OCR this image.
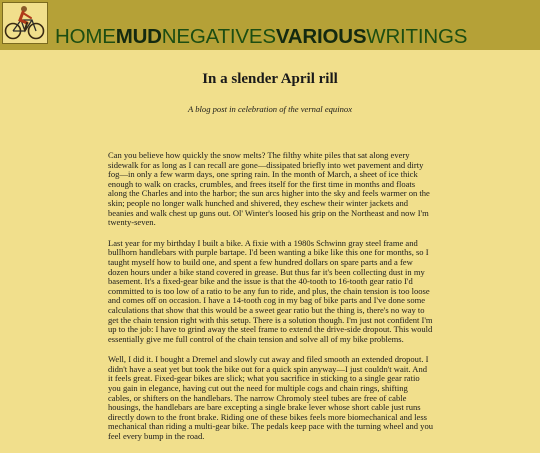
HOME MUD NEGATIVES VARIOUS WRITINGS
In a slender April rill

A blog post in celebration of the vernal equinox

Can you believe how quickly the snow melts? The filthy white piles that sat along every sidewalk for as long as I can recall are gone—dissipated briefly into wet pavement and dirty fog—in only a few warm days, one spring rain. In the month of March, a sheet of ice thick enough to walk on cracks, crumbles, and frees itself for the first time in months and floats along the Charles and into the harbor; the sun arcs higher into the sky and feels warmer on the skin; people no longer walk hunched and shivered, they eschew their winter jackets and beanies and walk chest up guns out. Ol' Winter's loosed his grip on the Northeast and now I'm twenty-seven.

Last year for my birthday I built a bike. A fixie with a 1980s Schwinn gray steel frame and bullhorn handlebars with purple bartape. I'd been wanting a bike like this one for months, so I taught myself how to build one, and spent a few hundred dollars on spare parts and a few dozen hours under a bike stand covered in grease. But thus far it's been collecting dust in my basement. It's a fixed-gear bike and the issue is that the 40-tooth to 16-tooth gear ratio I'd committed to is too low of a ratio to be any fun to ride, and plus, the chain tension is too loose and comes off on occasion. I have a 14-tooth cog in my bag of bike parts and I've done some calculations that show that this would be a sweet gear ratio but the thing is, there's no way to get the chain tension right with this setup. There is a solution though. I'm just not confident I'm up to the job: I have to grind away the steel frame to extend the drive-side dropout. This would essentially give me full control of the chain tension and solve all of my bike problems.

Well, I did it. I bought a Dremel and slowly cut away and filed smooth an extended dropout. I didn't have a seat yet but took the bike out for a quick spin anyway—I just couldn't wait. And it feels great. Fixed-gear bikes are slick; what you sacrifice in sticking to a single gear ratio you gain in elegance, having cut out the need for multiple cogs and chain rings, shifting cables, or shifters on the handlebars. The narrow Chromoly steel tubes are free of cable housings, the handlebars are bare excepting a single brake lever whose short cable just runs directly down to the front brake. Riding one of these bikes feels more biomechanical and less mechanical than riding a multi-gear bike. The pedals keep pace with the turning wheel and you feel every bump in the road.
